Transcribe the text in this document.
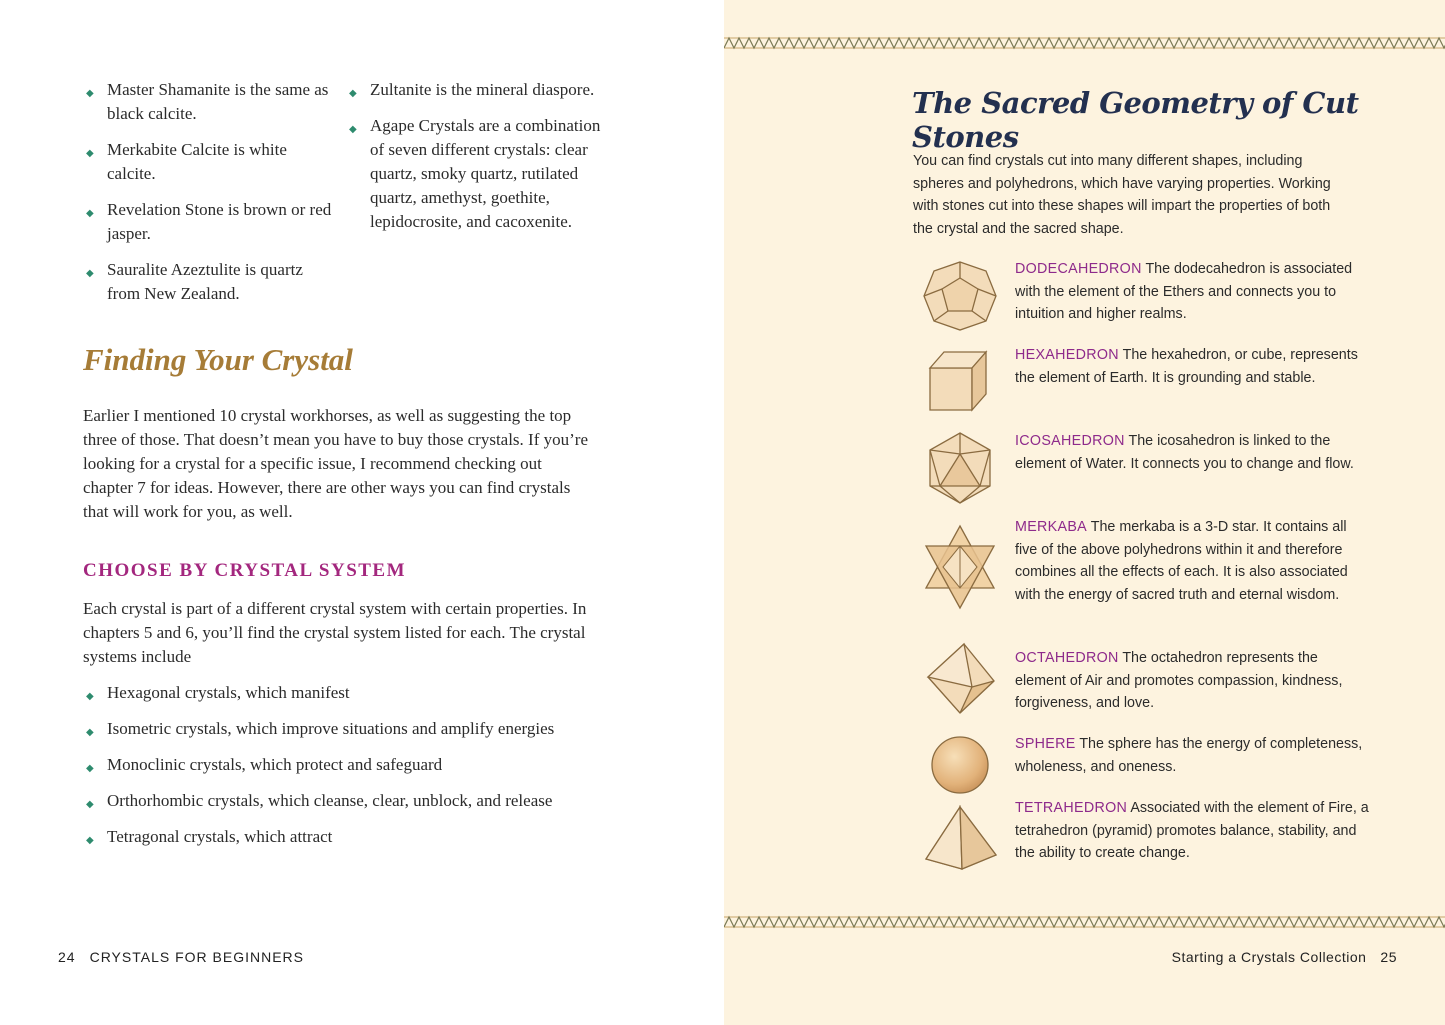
◆ Master Shamanite is the same as black calcite.
◆ Merkabite Calcite is white calcite.
◆ Revelation Stone is brown or red jasper.
◆ Sauralite Azeztulite is quartz from New Zealand.
◆ Zultanite is the mineral diaspore.
◆ Agape Crystals are a combination of seven different crystals: clear quartz, smoky quartz, rutilated quartz, amethyst, goethite, lepidocrosite, and cacoxenite.
Finding Your Crystal

Earlier I mentioned 10 crystal workhorses, as well as suggesting the top three of those. That doesn’t mean you have to buy those crystals. If you’re looking for a crystal for a specific issue, I recommend checking out chapter 7 for ideas. However, there are other ways you can find crystals that will work for you, as well.

CHOOSE BY CRYSTAL SYSTEM

Each crystal is part of a different crystal system with certain properties. In chapters 5 and 6, you’ll find the crystal system listed for each. The crystal systems include

◆ Hexagonal crystals, which manifest
◆ Isometric crystals, which improve situations and amplify energies
◆ Monoclinic crystals, which protect and safeguard
◆ Orthorhombic crystals, which cleanse, clear, unblock, and release
◆ Tetragonal crystals, which attract
24 CRYSTALS FOR BEGINNERS
The Sacred Geometry of Cut Stones

You can find crystals cut into many different shapes, including spheres and polyhedrons, which have varying properties. Working with stones cut into these shapes will impart the properties of both the crystal and the sacred shape.

DODECAHEDRON The dodecahedron is associated with the element of the Ethers and connects you to intuition and higher realms.

HEXAHEDRON The hexahedron, or cube, represents the element of Earth. It is grounding and stable.

ICOSAHEDRON The icosahedron is linked to the element of Water. It connects you to change and flow.

MERKABA The merkaba is a 3-D star. It contains all five of the above polyhedrons within it and therefore combines all the effects of each. It is also associated with the energy of sacred truth and eternal wisdom.

OCTAHEDRON The octahedron represents the element of Air and promotes compassion, kindness, forgiveness, and love.

SPHERE The sphere has the energy of completeness, wholeness, and oneness.

TETRAHEDRON Associated with the element of Fire, a tetrahedron (pyramid) promotes balance, stability, and the ability to create change.

Starting a Crystals Collection 25
